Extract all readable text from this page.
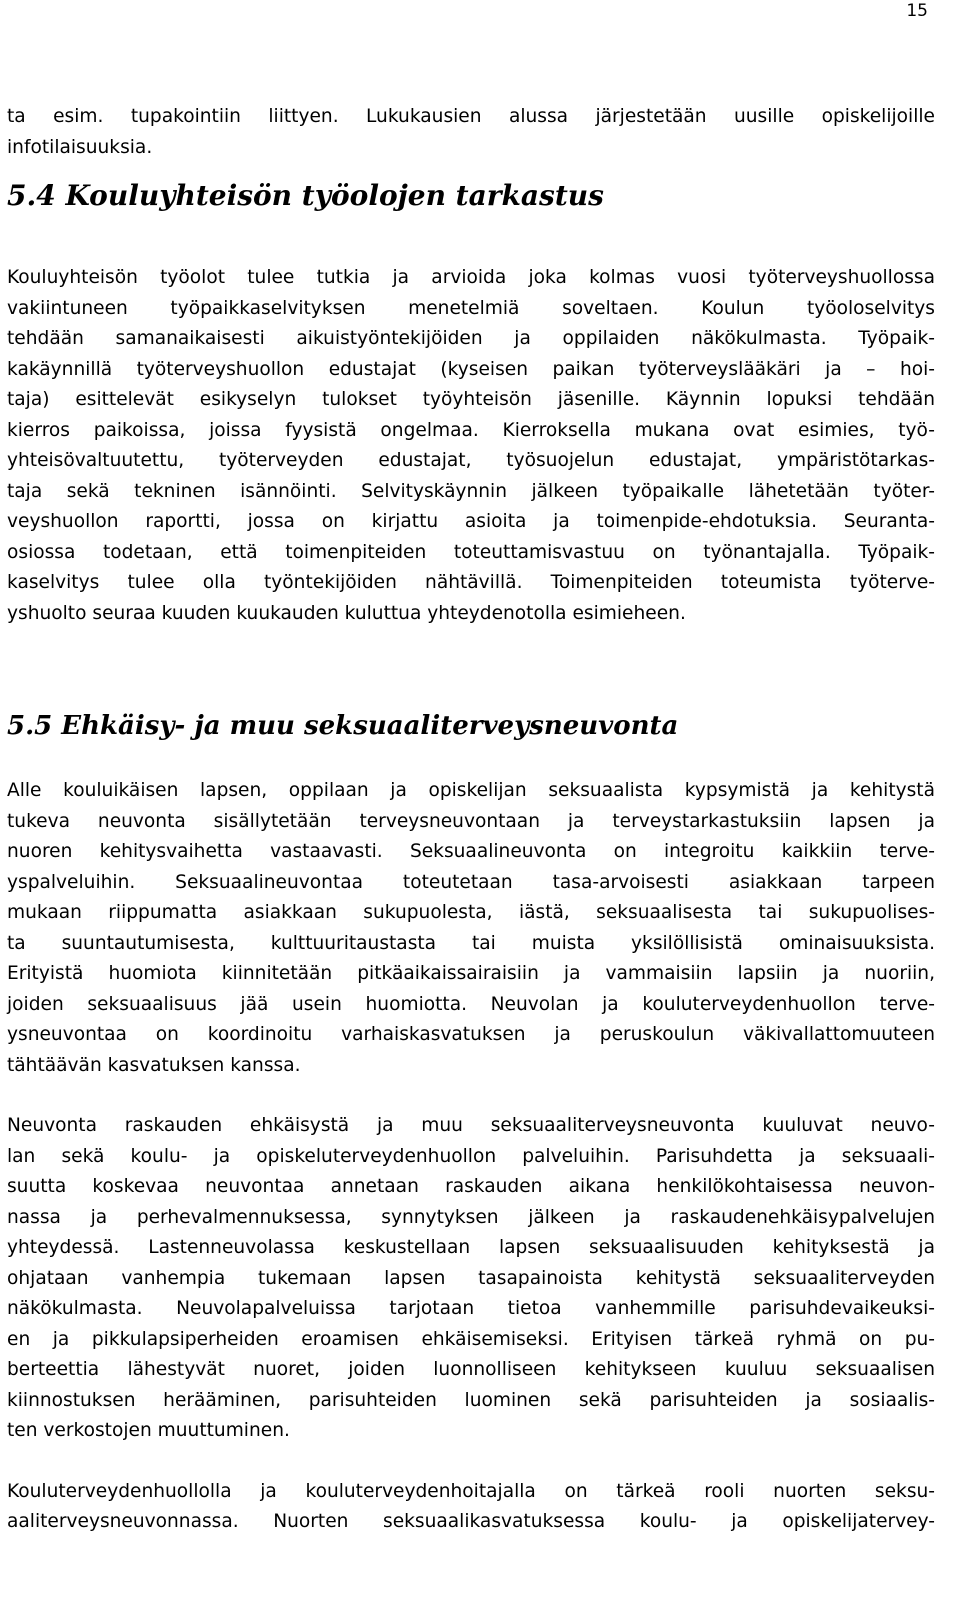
15
ta esim. tupakointiin liittyen. Lukukausien alussa järjestetään uusille opiskelijoille
infotilaisuuksia.
5.4 Kouluyhteisön työolojen tarkastus
Kouluyhteisön työolot tulee tutkia ja arvioida joka kolmas vuosi työterveyshuollossa
vakiintuneen työpaikkaselvityksen menetelmiä soveltaen. Koulun työoloselvitys
tehdään samanaikaisesti aikuistyöntekijöiden ja oppilaiden näkökulmasta. Työpaik-
kakäynnillä työterveyshuollon edustajat (kyseisen paikan työterveyslääkäri ja – hoi-
taja) esittelevät esikyselyn tulokset työyhteisön jäsenille. Käynnin lopuksi tehdään
kierros paikoissa, joissa fyysistä ongelmaa. Kierroksella mukana ovat esimies, työ-
yhteisövaltuutettu, työterveyden edustajat, työsuojelun edustajat, ympäristötarkas-
taja sekä tekninen isännöinti. Selvityskäynnin jälkeen työpaikalle lähetetään työter-
veyshuollon raportti, jossa on kirjattu asioita ja toimenpide-ehdotuksia. Seuranta-
osiossa todetaan, että toimenpiteiden toteuttamisvastuu on työnantajalla. Työpaik-
kaselvitys tulee olla työntekijöiden nähtävillä. Toimenpiteiden toteumista työterve-
yshuolto seuraa kuuden kuukauden kuluttua yhteydenotolla esimieheen.
5.5 Ehkäisy- ja muu seksuaaliterveysneuvonta
Alle kouluikäisen lapsen, oppilaan ja opiskelijan seksuaalista kypsymistä ja kehitystä
tukeva neuvonta sisällytetään terveysneuvontaan ja terveystarkastuksiin lapsen ja
nuoren kehitysvaihetta vastaavasti. Seksuaalineuvonta on integroitu kaikkiin terve-
yspalveluihin. Seksuaalineuvontaa toteutetaan tasa-arvoisesti asiakkaan tarpeen
mukaan riippumatta asiakkaan sukupuolesta, iästä, seksuaalisesta tai sukupuolises-
ta suuntautumisesta, kulttuuritaustasta tai muista yksilöllisistä ominaisuuksista.
Erityistä huomiota kiinnitetään pitkäaikaissairaisiin ja vammaisiin lapsiin ja nuoriin,
joiden seksuaalisuus jää usein huomiotta. Neuvolan ja kouluterveydenhuollon terve-
ysneuvontaa on koordinoitu varhaiskasvatuksen ja peruskoulun väkivallattomuuteen
tähtäävän kasvatuksen kanssa.
Neuvonta raskauden ehkäisystä ja muu seksuaaliterveysneuvonta kuuluvat neuvo-
lan sekä koulu- ja opiskeluterveydenhuollon palveluihin. Parisuhdetta ja seksuaali-
suutta koskevaa neuvontaa annetaan raskauden aikana henkilökohtaisessa neuvon-
nassa ja perhevalmennuksessa, synnytyksen jälkeen ja raskaudenehkäisypalvelujen
yhteydessä. Lastenneuvolassa keskustellaan lapsen seksuaalisuuden kehityksestä ja
ohjataan vanhempia tukemaan lapsen tasapainoista kehitystä seksuaaliterveyden
näkökulmasta. Neuvolapalveluissa tarjotaan tietoa vanhemmille parisuhdevaikeuksi-
en ja pikkulapsiperheiden eroamisen ehkäisemiseksi. Erityisen tärkeä ryhmä on pu-
berteettia lähestyvät nuoret, joiden luonnolliseen kehitykseen kuuluu seksuaalisen
kiinnostuksen herääminen, parisuhteiden luominen sekä parisuhteiden ja sosiaalis-
ten verkostojen muuttuminen.
Kouluterveydenhuollolla ja kouluterveydenhoitajalla on tärkeä rooli nuorten seksu-
aaliterveysneuvonnassa. Nuorten seksuaalikasvatuksessa koulu- ja opiskelijatervey-
